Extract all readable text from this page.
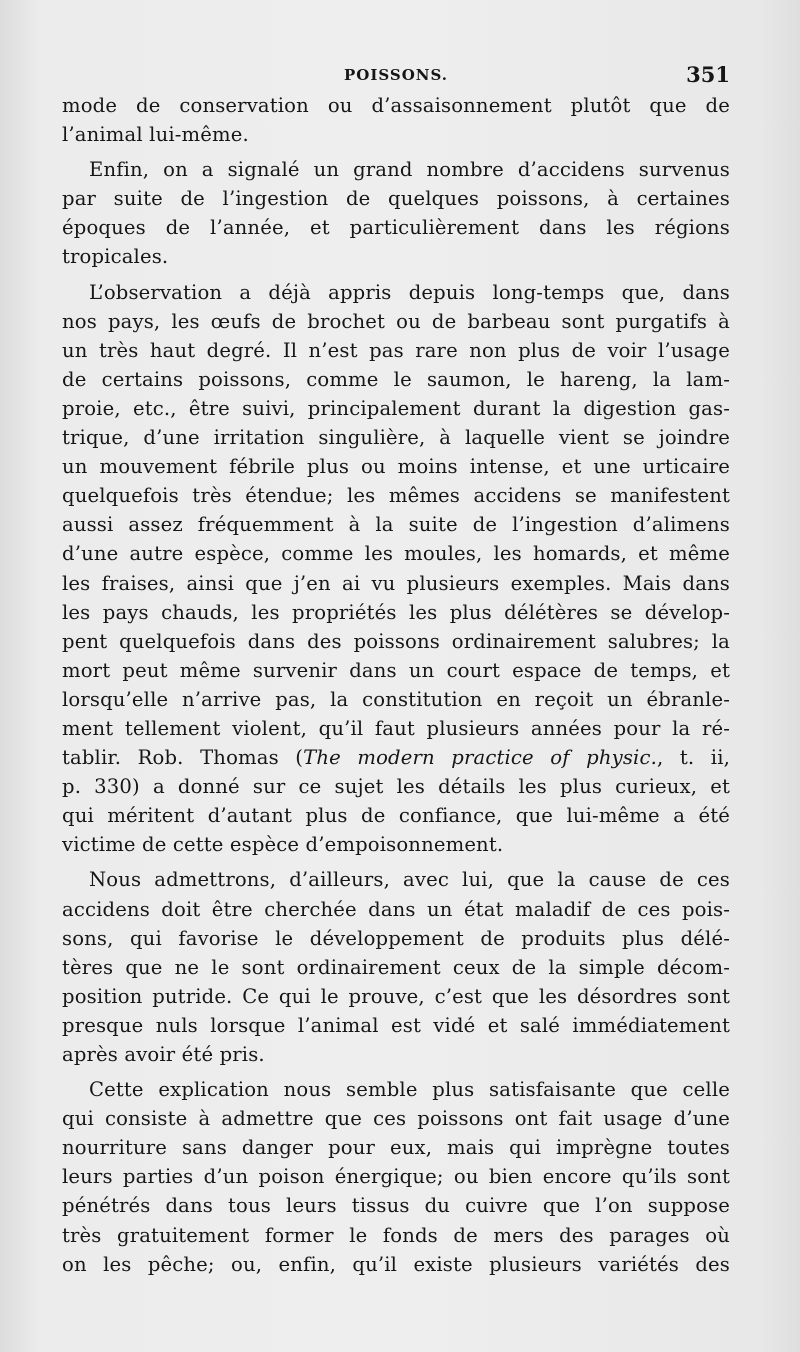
POISSONS.	351
mode de conservation ou d’assaisonnement plutôt que de
l’animal lui-même.
Enfin, on a signalé un grand nombre d’accidens survenus
par suite de l’ingestion de quelques poissons, à certaines
époques de l’année, et particulièrement dans les régions
tropicales.
L’observation a déjà appris depuis long-temps que, dans
nos pays, les œufs de brochet ou de barbeau sont purgatifs à
un très haut degré. Il n’est pas rare non plus de voir l’usage
de certains poissons, comme le saumon, le hareng, la lam-
proie, etc., être suivi, principalement durant la digestion gas-
trique, d’une irritation singulière, à laquelle vient se joindre
un mouvement fébrile plus ou moins intense, et une urticaire
quelquefois très étendue; les mêmes accidens se manifestent
aussi assez fréquemment à la suite de l’ingestion d’alimens
d’une autre espèce, comme les moules, les homards, et même
les fraises, ainsi que j’en ai vu plusieurs exemples. Mais dans
les pays chauds, les propriétés les plus délétères se dévelop-
pent quelquefois dans des poissons ordinairement salubres; la
mort peut même survenir dans un court espace de temps, et
lorsqu’elle n’arrive pas, la constitution en reçoit un ébranle-
ment tellement violent, qu’il faut plusieurs années pour la ré-
tablir. Rob. Thomas (The modern practice of physic., t. ii,
p. 330) a donné sur ce sujet les détails les plus curieux, et
qui méritent d’autant plus de confiance, que lui-même a été
victime de cette espèce d’empoisonnement.
Nous admettrons, d’ailleurs, avec lui, que la cause de ces
accidens doit être cherchée dans un état maladif de ces pois-
sons, qui favorise le développement de produits plus délé-
tères que ne le sont ordinairement ceux de la simple décom-
position putride. Ce qui le prouve, c’est que les désordres sont
presque nuls lorsque l’animal est vidé et salé immédiatement
après avoir été pris.
Cette explication nous semble plus satisfaisante que celle
qui consiste à admettre que ces poissons ont fait usage d’une
nourriture sans danger pour eux, mais qui imprègne toutes
leurs parties d’un poison énergique; ou bien encore qu’ils sont
pénétrés dans tous leurs tissus du cuivre que l’on suppose
très gratuitement former le fonds de mers des parages où
on les pêche; ou, enfin, qu’il existe plusieurs variétés des
